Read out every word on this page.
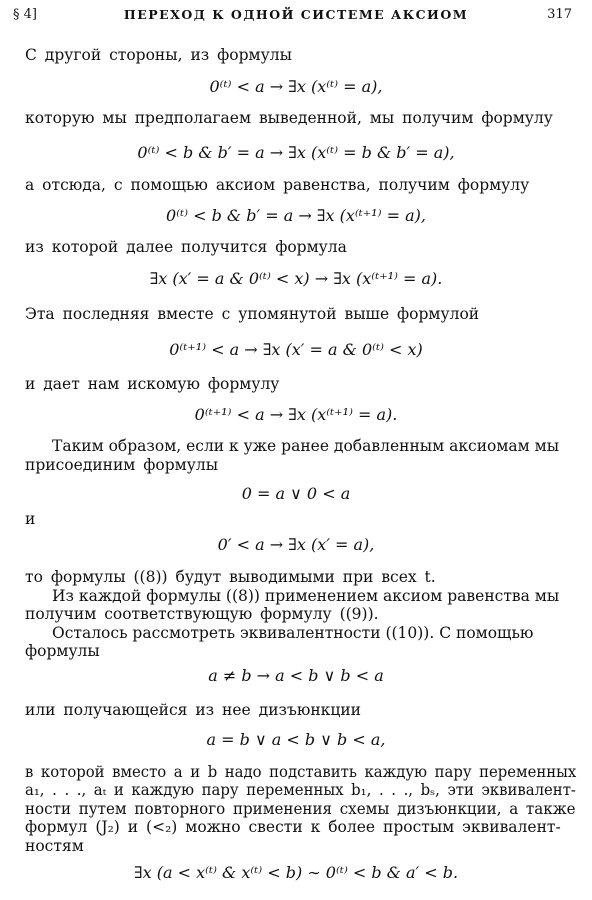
§ 4]	ПЕРЕХОД К ОДНОЙ СИСТЕМЕ АКСИОМ	317
С другой стороны, из формулы
0⁽ᵗ⁾ < a → ∃x (x⁽ᵗ⁾ = a),
которую мы предполагаем выведенной, мы получим формулу
0⁽ᵗ⁾ < b & b′ = a → ∃x (x⁽ᵗ⁾ = b & b′ = a),
а отсюда, с помощью аксиом равенства, получим формулу
0⁽ᵗ⁾ < b & b′ = a → ∃x (x⁽ᵗ⁺¹⁾ = a),
из которой далее получится формула
∃x (x′ = a & 0⁽ᵗ⁾ < x) → ∃x (x⁽ᵗ⁺¹⁾ = a).
Эта последняя вместе с упомянутой выше формулой
0⁽ᵗ⁺¹⁾ < a → ∃x (x′ = a & 0⁽ᵗ⁾ < x)
и дает нам искомую формулу
0⁽ᵗ⁺¹⁾ < a → ∃x (x⁽ᵗ⁺¹⁾ = a).
Таким образом, если к уже ранее добавленным аксиомам мы
присоединим формулы
0 = a ∨ 0 < a
и
0′ < a → ∃x (x′ = a),
то формулы ((8)) будут выводимыми при всех t.
Из каждой формулы ((8)) применением аксиом равенства мы
получим соответствующую формулу ((9)).
Осталось рассмотреть эквивалентности ((10)). С помощью
формулы
a ≠ b → a < b ∨ b < a
или получающейся из нее дизъюнкции
a = b ∨ a < b ∨ b < a,
в которой вместо a и b надо подставить каждую пару переменных
a₁, . . ., aₜ и каждую пару переменных b₁, . . ., bₛ, эти эквивалент-
ности путем повторного применения схемы дизъюнкции, а также
формул (J₂) и (<₂) можно свести к более простым эквивалент-
ностям
∃x (a < x⁽ᵗ⁾ & x⁽ᵗ⁾ < b) ∼ 0⁽ᵗ⁾ < b & a′ < b.
